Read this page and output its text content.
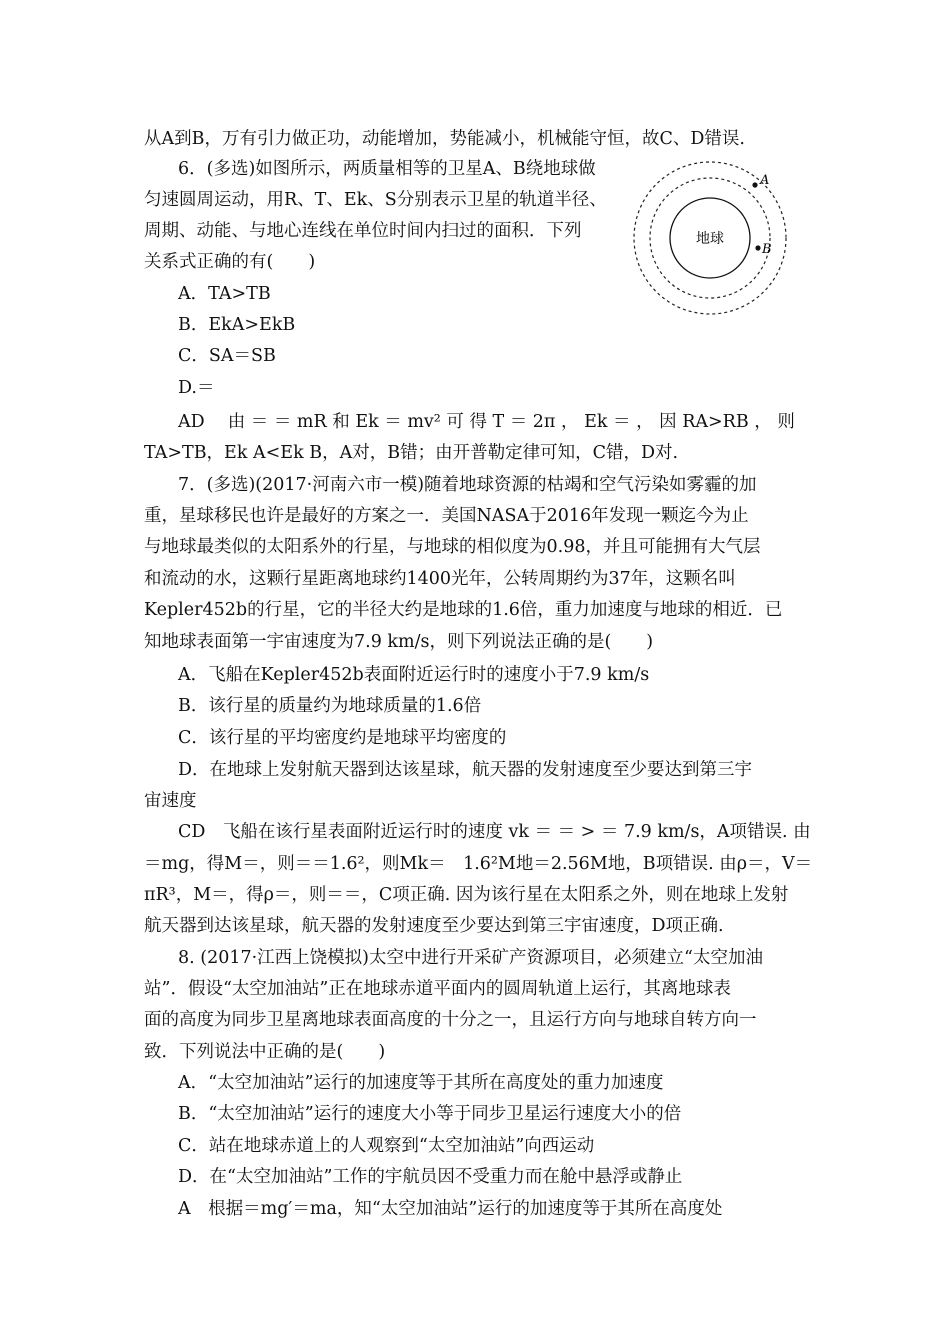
从A到B，万有引力做正功，动能增加，势能减小，机械能守恒，故C、D错误.
6．(多选)如图所示，两质量相等的卫星A、B绕地球做
匀速圆周运动，用R、T、Ek、S分别表示卫星的轨道半径、
周期、动能、与地心连线在单位时间内扫过的面积．下列
关系式正确的有(　　)
A．TA>TB
B．EkA>EkB
C．SA＝SB
D.＝
AD　 由 ＝ ＝ mR 和 Ek ＝ mv² 可 得 T ＝ 2π ， Ek ＝ ， 因 RA>RB ， 则
TA>TB，Ek A<Ek B，A对，B错；由开普勒定律可知，C错，D对.
7．(多选)(2017·河南六市一模)随着地球资源的枯竭和空气污染如雾霾的加
重，星球移民也许是最好的方案之一．美国NASA于2016年发现一颗迄今为止
与地球最类似的太阳系外的行星，与地球的相似度为0.98，并且可能拥有大气层
和流动的水，这颗行星距离地球约1400光年，公转周期约为37年，这颗名叫
Kepler452b的行星，它的半径大约是地球的1.6倍，重力加速度与地球的相近．已
知地球表面第一宇宙速度为7.9 km/s，则下列说法正确的是(　　)
A．飞船在Kepler452b表面附近运行时的速度小于7.9 km/s
B．该行星的质量约为地球质量的1.6倍
C．该行星的平均密度约是地球平均密度的
D．在地球上发射航天器到达该星球，航天器的发射速度至少要达到第三宇
宙速度
CD　飞船在该行星表面附近运行时的速度 vk ＝ ＝ > ＝ 7.9 km/s，A项错误. 由
＝mg，得M＝，则＝＝1.6²，则Mk＝　1.6²M地＝2.56M地，B项错误. 由ρ＝，V＝
πR³，M＝，得ρ＝，则＝＝，C项正确. 因为该行星在太阳系之外，则在地球上发射
航天器到达该星球，航天器的发射速度至少要达到第三宇宙速度，D项正确.
8. (2017·江西上饶模拟)太空中进行开采矿产资源项目，必须建立“太空加油
站”．假设“太空加油站”正在地球赤道平面内的圆周轨道上运行，其离地球表
面的高度为同步卫星离地球表面高度的十分之一，且运行方向与地球自转方向一
致．下列说法中正确的是(　　)
A．“太空加油站”运行的加速度等于其所在高度处的重力加速度
B．“太空加油站”运行的速度大小等于同步卫星运行速度大小的倍
C．站在地球赤道上的人观察到“太空加油站”向西运动
D．在“太空加油站”工作的宇航员因不受重力而在舱中悬浮或静止
A　根据＝mg′＝ma，知“太空加油站”运行的加速度等于其所在高度处
地球
A
B
